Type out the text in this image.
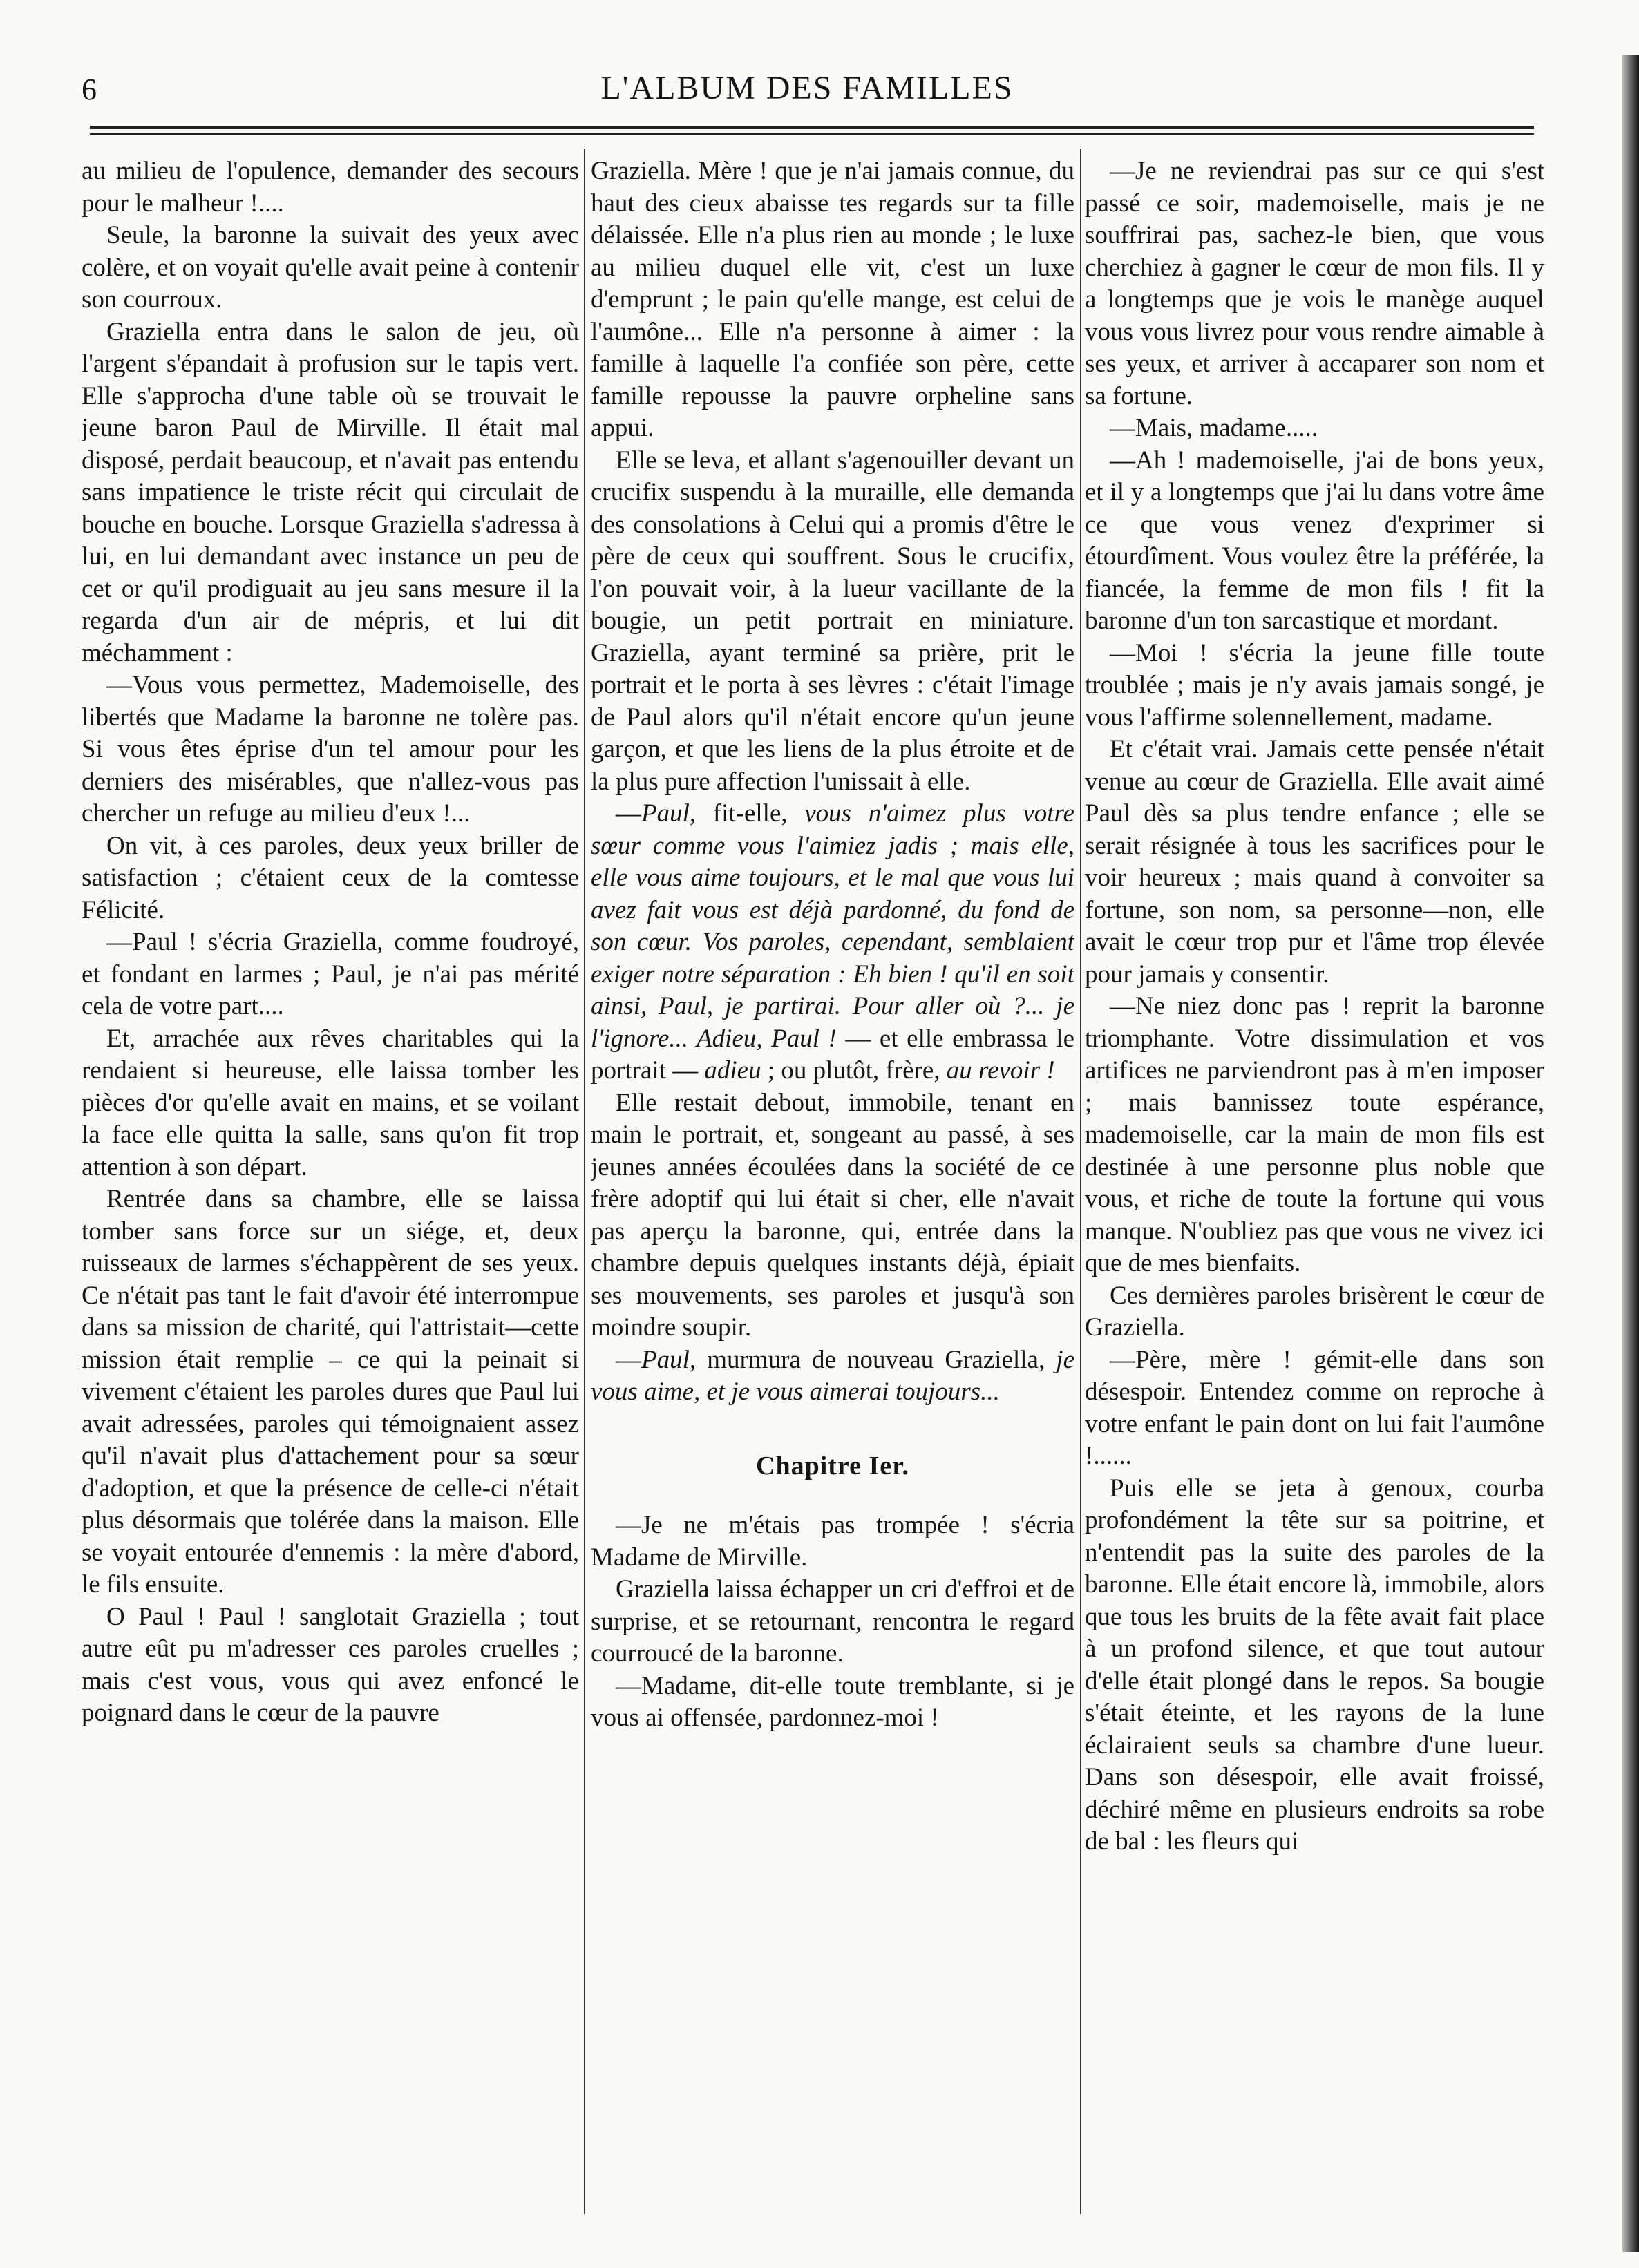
6	L'ALBUM DES FAMILLES

au milieu de l'opulence, demander des secours pour le malheur !....

Seule, la baronne la suivait des yeux avec colère, et on voyait qu'elle avait peine à contenir son courroux.

Graziella entra dans le salon de jeu, où l'argent s'épandait à profusion sur le tapis vert. Elle s'approcha d'une table où se trouvait le jeune baron Paul de Mirville. Il était mal disposé, perdait beaucoup, et n'avait pas entendu sans impatience le triste récit qui circulait de bouche en bouche. Lorsque Graziella s'adressa à lui, en lui demandant avec instance un peu de cet or qu'il prodiguait au jeu sans mesure il la regarda d'un air de mépris, et lui dit méchamment :

—Vous vous permettez, Mademoiselle, des libertés que Madame la baronne ne tolère pas. Si vous êtes éprise d'un tel amour pour les derniers des misérables, que n'allez-vous pas chercher un refuge au milieu d'eux !...

On vit, à ces paroles, deux yeux briller de satisfaction ; c'étaient ceux de la comtesse Félicité.

—Paul ! s'écria Graziella, comme foudroyé, et fondant en larmes ; Paul, je n'ai pas mérité cela de votre part....

Et, arrachée aux rêves charitables qui la rendaient si heureuse, elle laissa tomber les pièces d'or qu'elle avait en mains, et se voilant la face elle quitta la salle, sans qu'on fit trop attention à son départ.

Rentrée dans sa chambre, elle se laissa tomber sans force sur un siége, et, deux ruisseaux de larmes s'échappèrent de ses yeux. Ce n'était pas tant le fait d'avoir été interrompue dans sa mission de charité, qui l'attristait—cette mission était remplie – ce qui la peinait si vivement c'étaient les paroles dures que Paul lui avait adressées, paroles qui témoignaient assez qu'il n'avait plus d'attachement pour sa sœur d'adoption, et que la présence de celle-ci n'était plus désormais que tolérée dans la maison. Elle se voyait entourée d'ennemis : la mère d'abord, le fils ensuite.

O Paul ! Paul ! sanglotait Graziella ; tout autre eût pu m'adresser ces paroles cruelles ; mais c'est vous, vous qui avez enfoncé le poignard dans le cœur de la pauvre

Graziella. Mère ! que je n'ai jamais connue, du haut des cieux abaisse tes regards sur ta fille délaissée. Elle n'a plus rien au monde ; le luxe au milieu duquel elle vit, c'est un luxe d'emprunt ; le pain qu'elle mange, est celui de l'aumône... Elle n'a personne à aimer : la famille à laquelle l'a confiée son père, cette famille repousse la pauvre orpheline sans appui.

Elle se leva, et allant s'agenouiller devant un crucifix suspendu à la muraille, elle demanda des consolations à Celui qui a promis d'être le père de ceux qui souffrent. Sous le crucifix, l'on pouvait voir, à la lueur vacillante de la bougie, un petit portrait en miniature. Graziella, ayant terminé sa prière, prit le portrait et le porta à ses lèvres : c'était l'image de Paul alors qu'il n'était encore qu'un jeune garçon, et que les liens de la plus étroite et de la plus pure affection l'unissait à elle.

—Paul, fit-elle, vous n'aimez plus votre sœur comme vous l'aimiez jadis ; mais elle, elle vous aime toujours, et le mal que vous lui avez fait vous est déjà pardonné, du fond de son cœur. Vos paroles, cependant, semblaient exiger notre séparation : Eh bien ! qu'il en soit ainsi, Paul, je partirai. Pour aller où ?... je l'ignore... Adieu, Paul ! — et elle embrassa le portrait — adieu ; ou plutôt, frère, au revoir !

Elle restait debout, immobile, tenant en main le portrait, et, songeant au passé, à ses jeunes années écoulées dans la société de ce frère adoptif qui lui était si cher, elle n'avait pas aperçu la baronne, qui, entrée dans la chambre depuis quelques instants déjà, épiait ses mouvements, ses paroles et jusqu'à son moindre soupir.

—Paul, murmura de nouveau Graziella, je vous aime, et je vous aimerai toujours...

Chapitre Ier.

—Je ne m'étais pas trompée ! s'écria Madame de Mirville.

Graziella laissa échapper un cri d'effroi et de surprise, et se retournant, rencontra le regard courroucé de la baronne.

—Madame, dit-elle toute tremblante, si je vous ai offensée, pardonnez-moi !

—Je ne reviendrai pas sur ce qui s'est passé ce soir, mademoiselle, mais je ne souffrirai pas, sachez-le bien, que vous cherchiez à gagner le cœur de mon fils. Il y a longtemps que je vois le manège auquel vous vous livrez pour vous rendre aimable à ses yeux, et arriver à accaparer son nom et sa fortune.

—Mais, madame.....

—Ah ! mademoiselle, j'ai de bons yeux, et il y a longtemps que j'ai lu dans votre âme ce que vous venez d'exprimer si étourdîment. Vous voulez être la préférée, la fiancée, la femme de mon fils ! fit la baronne d'un ton sarcastique et mordant.

—Moi ! s'écria la jeune fille toute troublée ; mais je n'y avais jamais songé, je vous l'affirme solennellement, madame.

Et c'était vrai. Jamais cette pensée n'était venue au cœur de Graziella. Elle avait aimé Paul dès sa plus tendre enfance ; elle se serait résignée à tous les sacrifices pour le voir heureux ; mais quand à convoiter sa fortune, son nom, sa personne—non, elle avait le cœur trop pur et l'âme trop élevée pour jamais y consentir.

—Ne niez donc pas ! reprit la baronne triomphante. Votre dissimulation et vos artifices ne parviendront pas à m'en imposer ; mais bannissez toute espérance, mademoiselle, car la main de mon fils est destinée à une personne plus noble que vous, et riche de toute la fortune qui vous manque. N'oubliez pas que vous ne vivez ici que de mes bienfaits.

Ces dernières paroles brisèrent le cœur de Graziella.

—Père, mère ! gémit-elle dans son désespoir. Entendez comme on reproche à votre enfant le pain dont on lui fait l'aumône !......

Puis elle se jeta à genoux, courba profondément la tête sur sa poitrine, et n'entendit pas la suite des paroles de la baronne. Elle était encore là, immobile, alors que tous les bruits de la fête avait fait place à un profond silence, et que tout autour d'elle était plongé dans le repos. Sa bougie s'était éteinte, et les rayons de la lune éclairaient seuls sa chambre d'une lueur. Dans son désespoir, elle avait froissé, déchiré même en plusieurs endroits sa robe de bal : les fleurs qui
